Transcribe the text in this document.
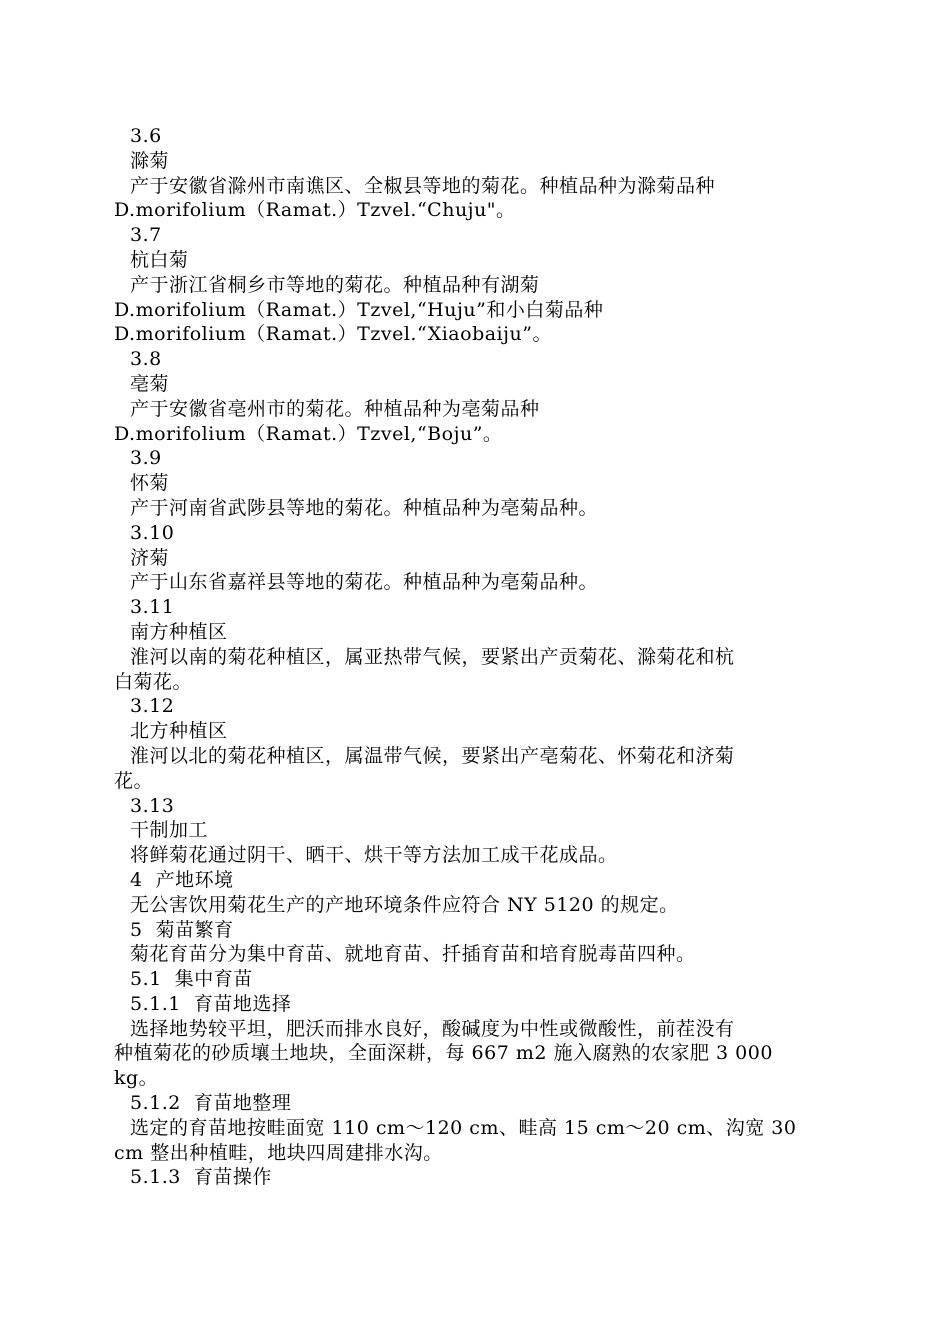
3.6
滁菊
产于安徽省滁州市南谯区、全椒县等地的菊花。种植品种为滁菊品种
D.morifolium（Ramat.）Tzvel.“Chuju"。
3.7
杭白菊
产于浙江省桐乡市等地的菊花。种植品种有湖菊
D.morifolium（Ramat.）Tzvel,“Huju”和小白菊品种
D.morifolium（Ramat.）Tzvel.“Xiaobaiju”。
3.8
亳菊
产于安徽省亳州市的菊花。种植品种为亳菊品种
D.morifolium（Ramat.）Tzvel,“Boju”。
3.9
怀菊
产于河南省武陟县等地的菊花。种植品种为亳菊品种。
3.10
济菊
产于山东省嘉祥县等地的菊花。种植品种为亳菊品种。
3.11
南方种植区
淮河以南的菊花种植区，属亚热带气候，要紧出产贡菊花、滁菊花和杭
白菊花。
3.12
北方种植区
淮河以北的菊花种植区，属温带气候，要紧出产亳菊花、怀菊花和济菊
花。
3.13
干制加工
将鲜菊花通过阴干、晒干、烘干等方法加工成干花成品。
4  产地环境
无公害饮用菊花生产的产地环境条件应符合 NY 5120 的规定。
5  菊苗繁育
菊花育苗分为集中育苗、就地育苗、扦插育苗和培育脱毒苗四种。
5.1  集中育苗
5.1.1  育苗地选择
选择地势较平坦，肥沃而排水良好，酸碱度为中性或微酸性，前茬没有
种植菊花的砂质壤土地块，全面深耕，每 667 m2 施入腐熟的农家肥 3 000
kg。
5.1.2  育苗地整理
选定的育苗地按畦面宽 110 cm～120 cm、畦高 15 cm～20 cm、沟宽 30
cm 整出种植畦，地块四周建排水沟。
5.1.3  育苗操作
